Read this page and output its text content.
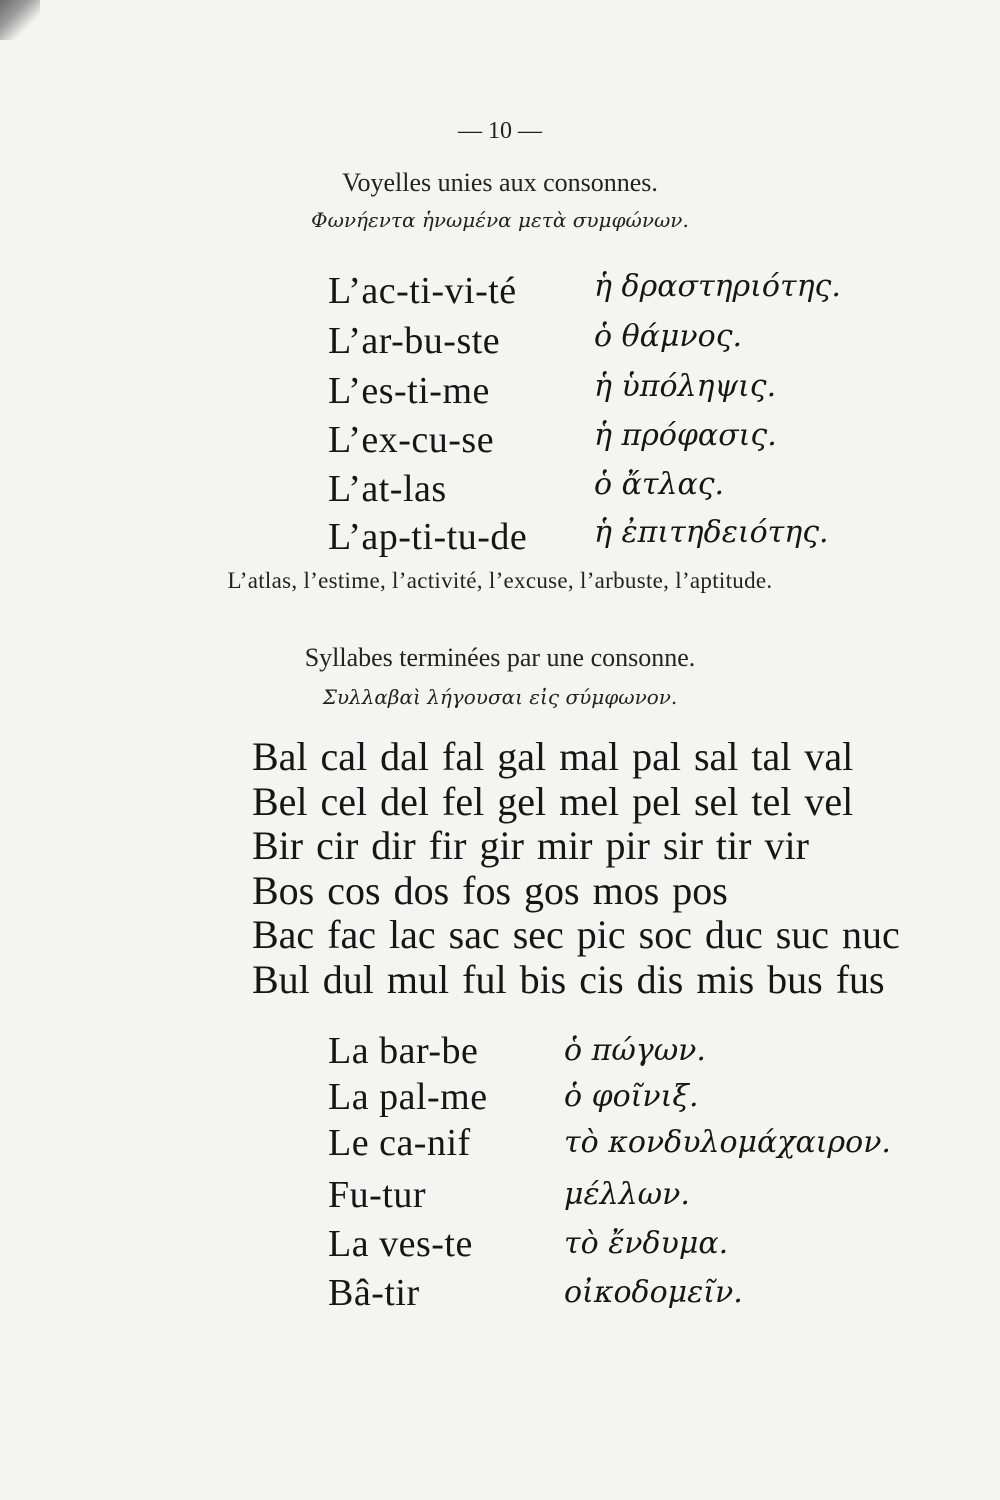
— 10 —
Voyelles unies aux consonnes.
Φωνήεντα ἡνωμένα μετὰ συμφώνων.
L’ac-ti-vi-té	ἡ δραστηριότης.
L’ar-bu-ste	ὁ θάμνος.
L’es-ti-me	ἡ ὑπόληψις.
L’ex-cu-se	ἡ πρόφασις.
L’at-las	ὁ ἄτλας.
L’ap-ti-tu-de ἡ ἐπιτηδειότης.
L’atlas, l’estime, l’activité, l’excuse, l’arbuste, l’aptitude.
Syllabes terminées par une consonne.
Συλλαβαὶ λήγουσαι εἰς σύμφωνον.
Bal cal dal fal gal mal pal sal tal val
Bel cel del fel gel mel pel sel tel vel
Bir cir dir fir gir mir pir sir tir vir
Bos cos dos fos gos mos pos
Bac fac lac sac sec pic soc duc suc nuc
Bul dul mul ful bis cis dis mis bus fus
La bar-be	ὁ πώγων.
La pal-me	ὁ φοῖνιξ.
Le ca-nif	τὸ κονδυλομάχαιρον.
Fu-tur	μέλλων.
La ves-te	τὸ ἔνδυμα.
Bâ-tir	οἰκοδομεῖν.
